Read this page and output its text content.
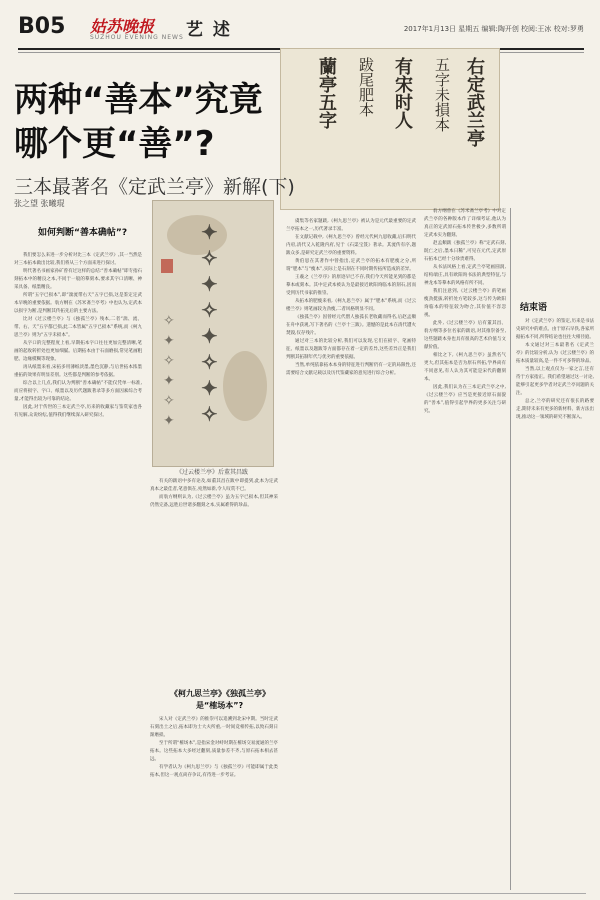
B05 姑苏晚报
SUZHOU EVENING NEWS 艺 述	2017年1月13日 星期五 编辑:陶开创 校阅:王冰 校对:罗勇
右定武兰亭
五字未損本
有宋时人
跋尾肥本
蘭亭五字
两种“善本”究竟
哪个更“善”?
三本最著名《定武兰亭》新解(下)
张之望 张曦琨
✦
✧
✦
✧
✦
✧
✦
✧
✧
✦
✧
✦
✧
✦
《过云楼兰亭》后董其昌跋
如何判断“善本确帖”?

我们要怎么来进一步分析对比三本《定武兰亭》,其一当然是对三本拓本做出比较,我们将从三个方面来进行探讨。

明代著名书画家孙矿曾有过这样的总结:“善本确帖”即专指石刻拓本中的精良之本,不同于一般的摹刻本,要求其字口清晰、神采具备、纸墨精良。

所谓“五字已损本”,即“湍流带右天”五字已损,这是鉴定定武本早晚的重要依据。翁方纲在《苏米斋兰亭考》中也认为,定武本以损字为断,是判断其传拓先后的主要方法。

比对《过云楼兰亭》与《独孤兰亭》残本,二者“湍、流、带、右、天”五字都已损,此二本皆属“五字已损本”系统,而《柯九思兰亭》则为“五字未损本”。

从字口的完整程度上看,早期拓本字口往往更加完整清晰,笔画的起收转折处也更加细腻。后期拓本由于石面磨损,常见笔画粗肥、边缘模糊等现象。

再从纸墨来看,宋拓多用薄纸淡墨,墨色沉静,与后世拓本浓墨重拓的效果有明显差别。这些都是判断的参考依据。

综合以上几点,我们认为判断“善本确帖”不能仅凭单一标准,而应将损字、字口、纸墨以及历代题跋著录等多方面因素综合考量,才能得出较为可靠的结论。

因此,对于传世的三本定武兰亭,历来的收藏家与鉴赏家也各有见解,众说纷纭,值得我们继续深入研究探讨。

有关的跋语中多有论及,如董其昌在跋中即提到,此本为定武真本之最佳者,笔意俱在,宛然如新,令人叹赏不已。

而翁方纲则认为,《过云楼兰亭》虽为五字已损本,但其神采仍然完备,远胜后世诸多翻刻之本,实属难得的珍品。

《柯九思兰亭》《独孤兰亭》
是“榷场本”?

宋人对《定武兰亭》的推崇可以追溯到北宋中期。当时定武石刻出土之后,拓本即为士大夫所重,一时间竞相传拓,以致石刻日渐磨损。

至于所谓“榷场本”,是指宋金对峙时期在榷场交易流通的兰亭拓本。这些拓本大多经过翻刻,质量参差不齐,与原石拓本相去甚远。

有学者认为《柯九思兰亭》与《独孤兰亭》可能即属于此类拓本,但这一观点尚存争议,有待进一步考证。

虞集等名家题跋,《柯九思兰亭》被认为是元代最重要的定武兰亭拓本之一,历代著录丰富。

在文献记载中,《柯九思兰亭》曾经元代柯九思收藏,后归明代内府,清代又入乾隆内府,见于《石渠宝笈》著录。其流传有序,题跋众多,是研究定武兰亭的重要资料。

黄伯思在其著作中曾指出,定武兰亭的拓本有肥瘦之分,所谓“肥本”与“瘦本”,实际上是石刻在不同时期传拓所造成的差异。

王羲之《兰亭序》的原迹早已不存,我们今天所能见到的都是摹本或刻本。其中定武本被认为是最接近欧阳询临本的刻石,因而受到历代书家的推崇。

从拓本的肥瘦来看,《柯九思兰亭》属于“肥本”系统,而《过云楼兰亭》则笔画较为劲瘦,二者风格明显不同。

《独孤兰亭》因曾经元代僧人独孤长老收藏而得名,后赵孟頫在舟中获观,写下著名的《兰亭十三跋》。遗憾的是此本在清代遭火焚毁,仅存残片。

通过对三本的比较分析,我们可以发现,它们在损字、笔画特征、纸墨以及题跋等方面都存在着一定的差异,这些差异正是我们判断其拓制年代与优劣的重要依据。

当然,单纯依靠拓本本身的特征进行判断仍有一定的局限性,还需要结合文献记载以及历代鉴藏家的意见进行综合分析。

翁方纲曾在《苏米斋兰亭考》中对定武兰亭的各种版本作了详细考证,他认为真正的定武原石拓本传世极少,多数所谓定武本实为翻刻。

赵孟頫跋《独孤兰亭》称“定武石刻,既亡之后,墨本日稀”,可见在元代,定武原石拓本已经十分珍贵难得。

从书法风格上看,定武兰亭笔画圆润,结构端庄,具有欧阳询书法的典型特征,与神龙本等摹本的风格有所不同。

我们注意到,《过云楼兰亭》的笔画瘦劲挺拔,转折处方笔较多,这与传为欧阳询临本的特征较为吻合,其价值不容忽视。

此外,《过云楼兰亭》后有董其昌、翁方纲等多位名家的跋语,对其推崇备至,这些题跋本身也具有很高的艺术价值与文献价值。

相比之下,《柯九思兰亭》虽然名气更大,但其拓本是否为原石所拓,学界尚有不同意见,有人认为其可能是宋代的翻刻本。

因此,我们认为在三本定武兰亭之中,《过云楼兰亭》应当是更接近原石面貌的“善本”,值得引起学界的更多关注与研究。

结束语

对《定武兰亭》的鉴定,历来是书法史研究中的难点。由于原石早佚,各家所据拓本不同,所得结论也往往大相径庭。

本文通过对三本最著名《定武兰亭》的比较分析,认为《过云楼兰亭》的拓本质量较高,是一件不可多得的珍品。

当然,以上观点仅为一家之言,还有待于方家指正。我们希望通过这一讨论,能够引起更多学者对定武兰亭问题的关注。

总之,兰亭的研究还有很长的路要走,期待未来有更多的新材料、新方法出现,推动这一领域的研究不断深入。
